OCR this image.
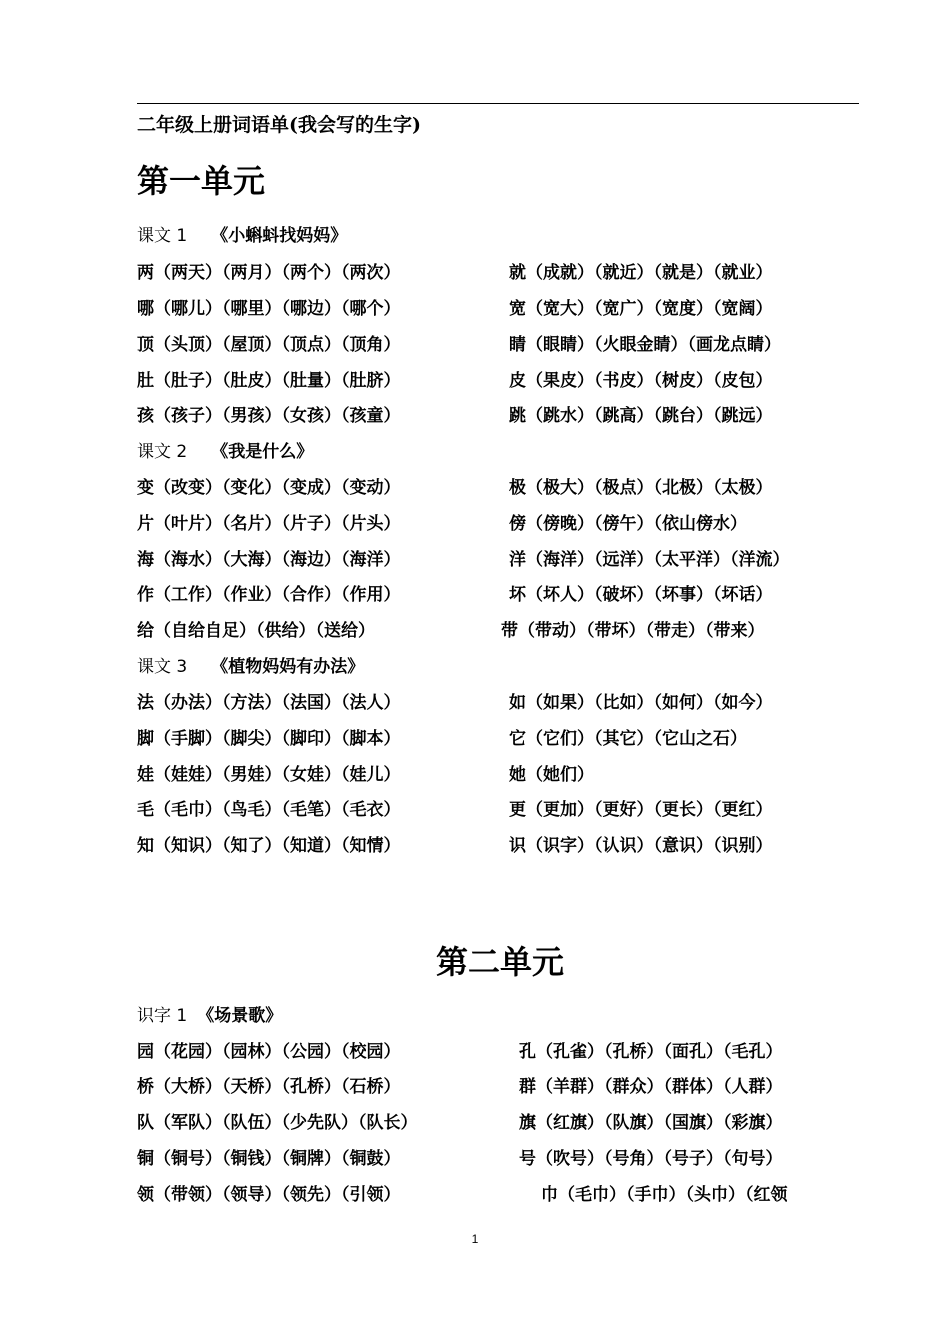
二年级上册词语单(我会写的生字)
第一单元
课文 1 《小蝌蚪找妈妈》
两（两天）（两月）（两个）（两次）	就（成就）（就近）（就是）（就业）
哪（哪儿）（哪里）（哪边）（哪个）	宽（宽大）（宽广）（宽度）（宽阔）
顶（头顶）（屋顶）（顶点）（顶角）	睛（眼睛）（火眼金睛）（画龙点睛）
肚（肚子）（肚皮）（肚量）（肚脐）	皮（果皮）（书皮）（树皮）（皮包）
孩（孩子）（男孩）（女孩）（孩童）	跳（跳水）（跳高）（跳台）（跳远）
课文 2 《我是什么》
变（改变）（变化）（变成）（变动）	极（极大）（极点）（北极）（太极）
片（叶片）（名片）（片子）（片头）	傍（傍晚）（傍午）（依山傍水）
海（海水）（大海）（海边）（海洋）	洋（海洋）（远洋）（太平洋）（洋流）
作（工作）（作业）（合作）（作用）	坏（坏人）（破坏）（坏事）（坏话）
给（自给自足）（供给）（送给）	带（带动）（带坏）（带走）（带来）
课文 3 《植物妈妈有办法》
法（办法）（方法）（法国）（法人）	如（如果）（比如）（如何）（如今）
脚（手脚）（脚尖）（脚印）（脚本）	它（它们）（其它）（它山之石）
娃（娃娃）（男娃）（女娃）（娃儿）	她（她们）
毛（毛巾）（鸟毛）（毛笔）（毛衣）	更（更加）（更好）（更长）（更红）
知（知识）（知了）（知道）（知情）	识（识字）（认识）（意识）（识别）
第二单元
识字 1 《场景歌》
园（花园）（园林）（公园）（校园）	孔（孔雀）（孔桥）（面孔）（毛孔）
桥（大桥）（天桥）（孔桥）（石桥）	群（羊群）（群众）（群体）（人群）
队（军队）（队伍）（少先队）（队长）	旗（红旗）（队旗）（国旗）（彩旗）
铜（铜号）（铜钱）（铜牌）（铜鼓）	号（吹号）（号角）（号子）（句号）
领（带领）（领导）（领先）（引领）	巾（毛巾）（手巾）（头巾）（红领
1
